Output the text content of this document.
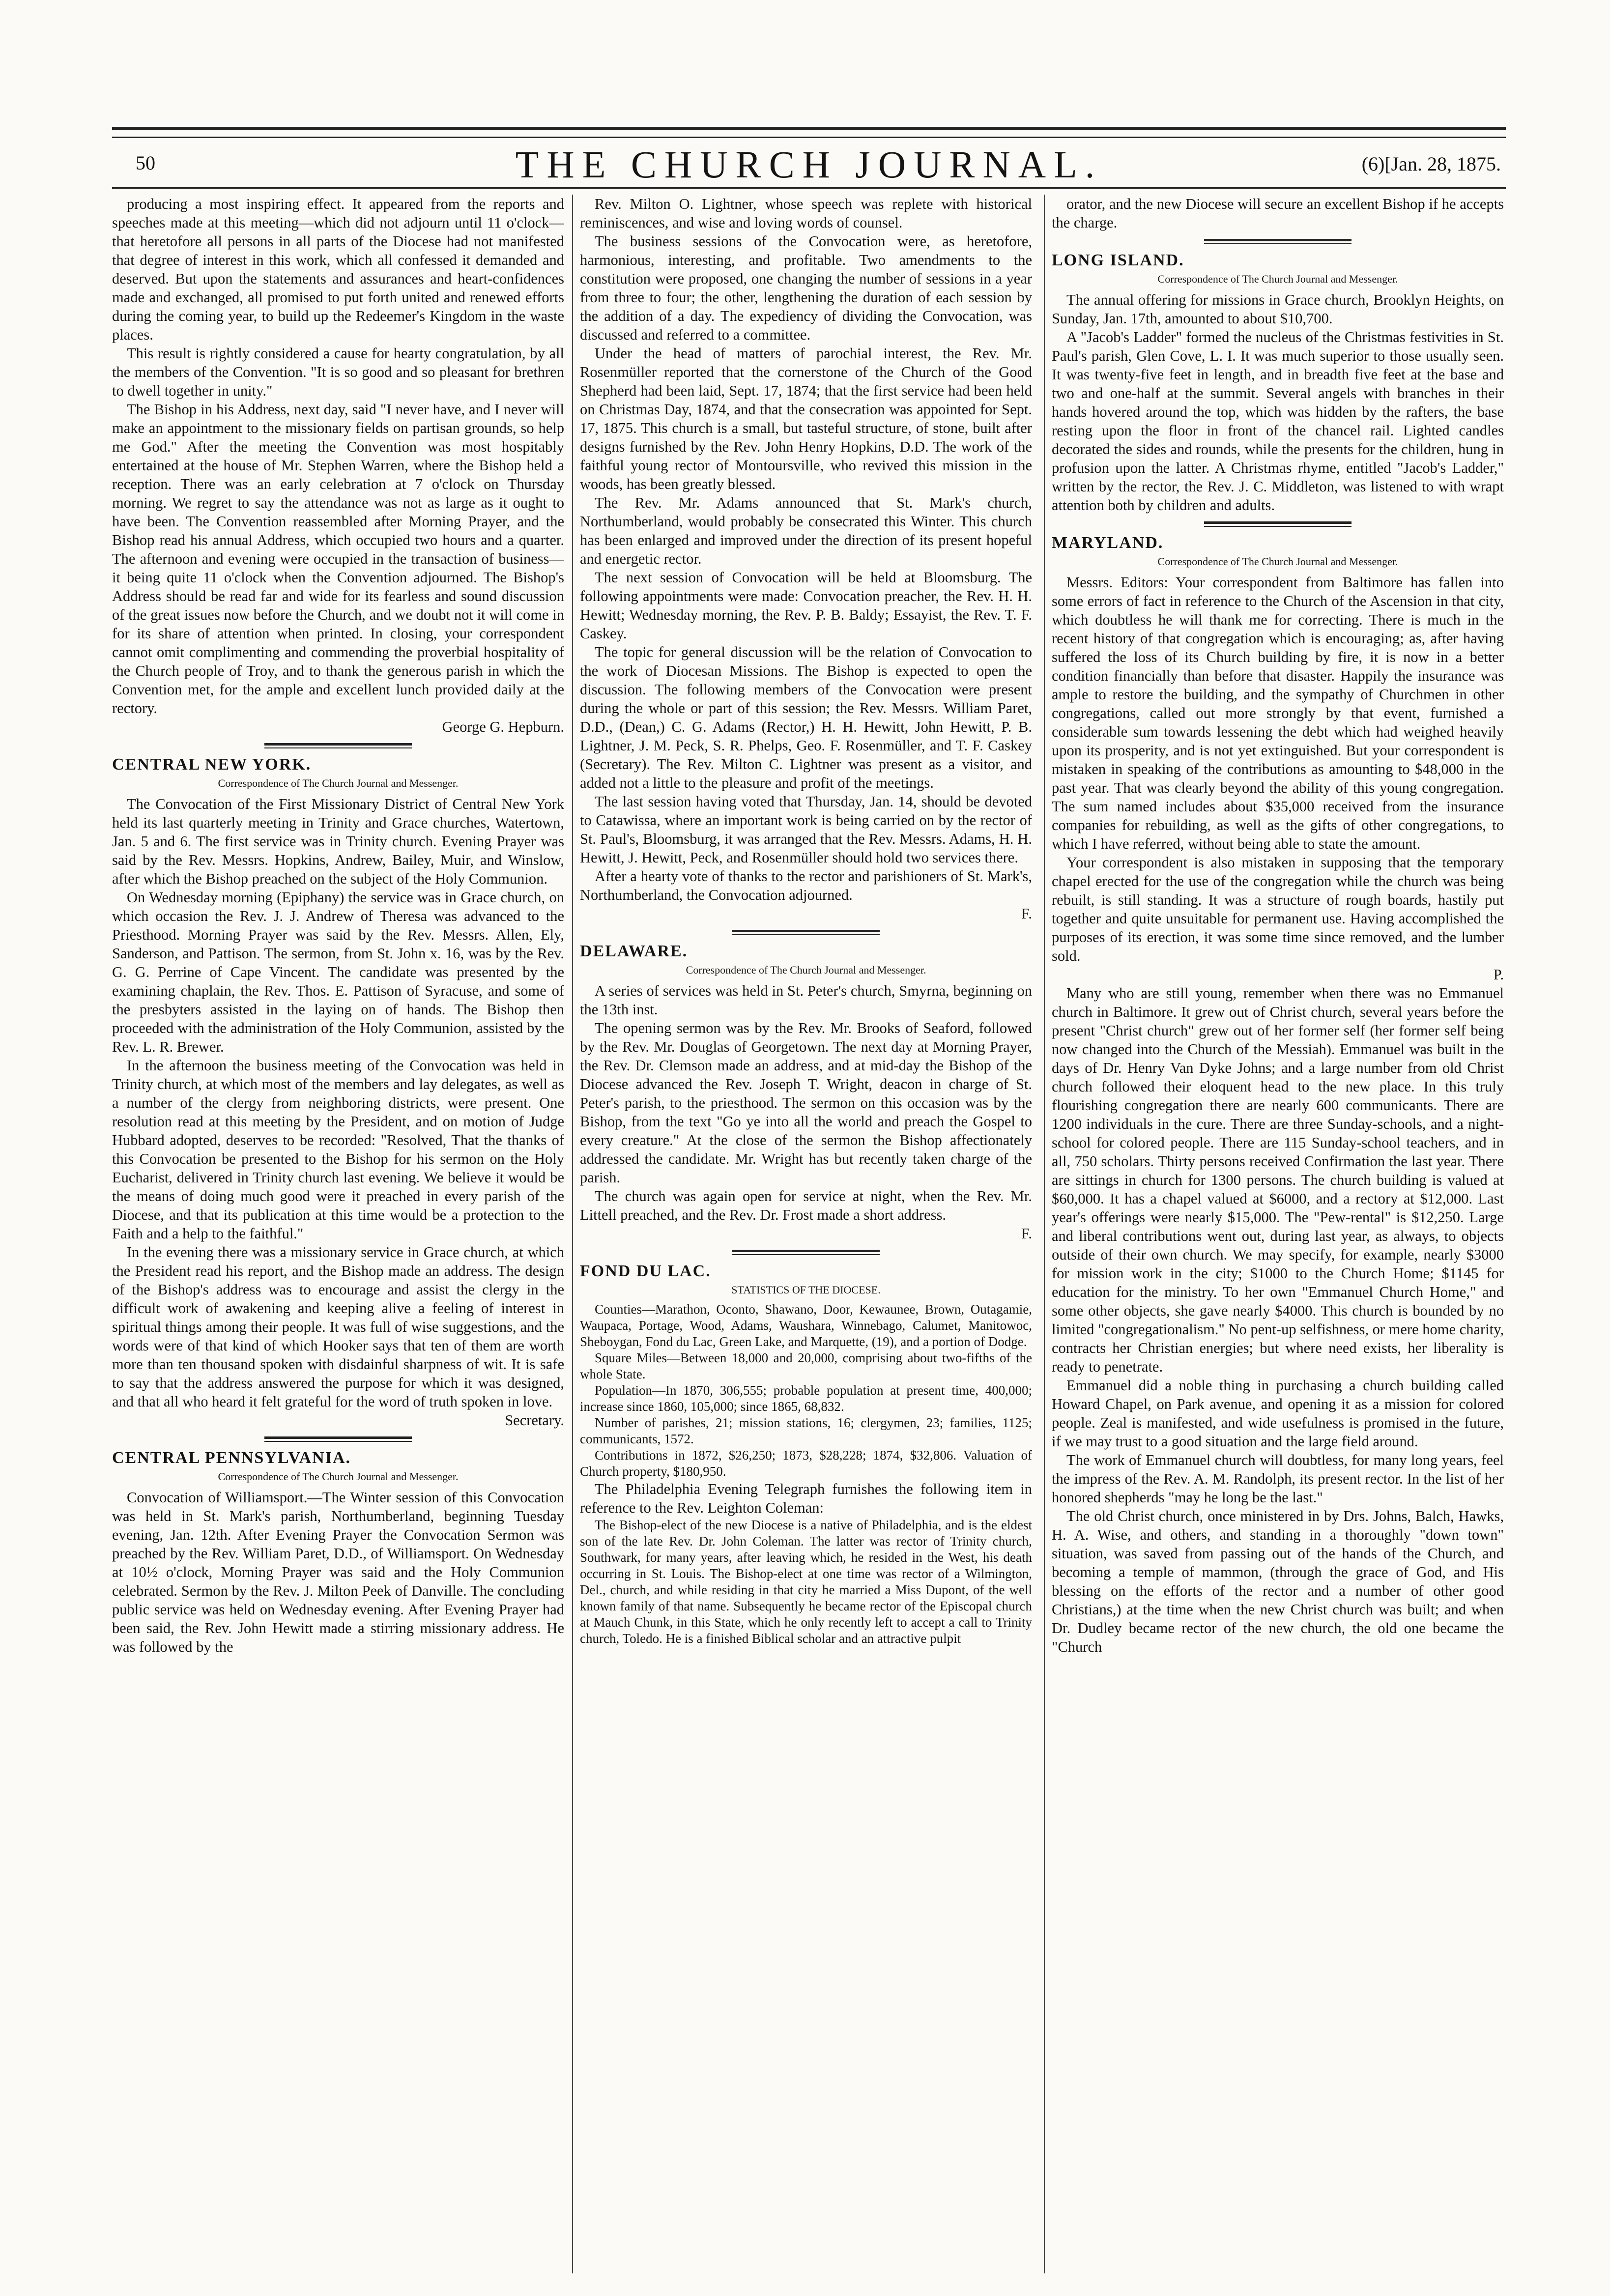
50	THE CHURCH JOURNAL.	(6)[Jan. 28, 1875.

producing a most inspiring effect. It appeared from the reports and speeches made at this meeting—which did not adjourn until 11 o'clock—that heretofore all persons in all parts of the Diocese had not manifested that degree of interest in this work, which all confessed it demanded and deserved. But upon the statements and assurances and heart-confidences made and exchanged, all promised to put forth united and renewed efforts during the coming year, to build up the Redeemer's Kingdom in the waste places.

This result is rightly considered a cause for hearty congratulation, by all the members of the Convention. "It is so good and so pleasant for brethren to dwell together in unity."

The Bishop in his Address, next day, said "I never have, and I never will make an appointment to the missionary fields on partisan grounds, so help me God." After the meeting the Convention was most hospitably entertained at the house of Mr. Stephen Warren, where the Bishop held a reception. There was an early celebration at 7 o'clock on Thursday morning. We regret to say the attendance was not as large as it ought to have been. The Convention reassembled after Morning Prayer, and the Bishop read his annual Address, which occupied two hours and a quarter. The afternoon and evening were occupied in the transaction of business—it being quite 11 o'clock when the Convention adjourned. The Bishop's Address should be read far and wide for its fearless and sound discussion of the great issues now before the Church, and we doubt not it will come in for its share of attention when printed. In closing, your correspondent cannot omit complimenting and commending the proverbial hospitality of the Church people of Troy, and to thank the generous parish in which the Convention met, for the ample and excellent lunch provided daily at the rectory.

George G. Hepburn.

CENTRAL NEW YORK.

Correspondence of The Church Journal and Messenger.

The Convocation of the First Missionary District of Central New York held its last quarterly meeting in Trinity and Grace churches, Watertown, Jan. 5 and 6. The first service was in Trinity church. Evening Prayer was said by the Rev. Messrs. Hopkins, Andrew, Bailey, Muir, and Winslow, after which the Bishop preached on the subject of the Holy Communion.

On Wednesday morning (Epiphany) the service was in Grace church, on which occasion the Rev. J. J. Andrew of Theresa was advanced to the Priesthood. Morning Prayer was said by the Rev. Messrs. Allen, Ely, Sanderson, and Pattison. The sermon, from St. John x. 16, was by the Rev. G. G. Perrine of Cape Vincent. The candidate was presented by the examining chaplain, the Rev. Thos. E. Pattison of Syracuse, and some of the presbyters assisted in the laying on of hands. The Bishop then proceeded with the administration of the Holy Communion, assisted by the Rev. L. R. Brewer.

In the afternoon the business meeting of the Convocation was held in Trinity church, at which most of the members and lay delegates, as well as a number of the clergy from neighboring districts, were present. One resolution read at this meeting by the President, and on motion of Judge Hubbard adopted, deserves to be recorded: "Resolved, That the thanks of this Convocation be presented to the Bishop for his sermon on the Holy Eucharist, delivered in Trinity church last evening. We believe it would be the means of doing much good were it preached in every parish of the Diocese, and that its publication at this time would be a protection to the Faith and a help to the faithful."

In the evening there was a missionary service in Grace church, at which the President read his report, and the Bishop made an address. The design of the Bishop's address was to encourage and assist the clergy in the difficult work of awakening and keeping alive a feeling of interest in spiritual things among their people. It was full of wise suggestions, and the words were of that kind of which Hooker says that ten of them are worth more than ten thousand spoken with disdainful sharpness of wit. It is safe to say that the address answered the purpose for which it was designed, and that all who heard it felt grateful for the word of truth spoken in love.

Secretary.

CENTRAL PENNSYLVANIA.

Correspondence of The Church Journal and Messenger.

Convocation of Williamsport.—The Winter session of this Convocation was held in St. Mark's parish, Northumberland, beginning Tuesday evening, Jan. 12th. After Evening Prayer the Convocation Sermon was preached by the Rev. William Paret, D.D., of Williamsport. On Wednesday at 10½ o'clock, Morning Prayer was said and the Holy Communion celebrated. Sermon by the Rev. J. Milton Peek of Danville. The concluding public service was held on Wednesday evening. After Evening Prayer had been said, the Rev. John Hewitt made a stirring missionary address. He was followed by the

Rev. Milton O. Lightner, whose speech was replete with historical reminiscences, and wise and loving words of counsel.

The business sessions of the Convocation were, as heretofore, harmonious, interesting, and profitable. Two amendments to the constitution were proposed, one changing the number of sessions in a year from three to four; the other, lengthening the duration of each session by the addition of a day. The expediency of dividing the Convocation, was discussed and referred to a committee.

Under the head of matters of parochial interest, the Rev. Mr. Rosenmüller reported that the cornerstone of the Church of the Good Shepherd had been laid, Sept. 17, 1874; that the first service had been held on Christmas Day, 1874, and that the consecration was appointed for Sept. 17, 1875. This church is a small, but tasteful structure, of stone, built after designs furnished by the Rev. John Henry Hopkins, D.D. The work of the faithful young rector of Montoursville, who revived this mission in the woods, has been greatly blessed.

The Rev. Mr. Adams announced that St. Mark's church, Northumberland, would probably be consecrated this Winter. This church has been enlarged and improved under the direction of its present hopeful and energetic rector.

The next session of Convocation will be held at Bloomsburg. The following appointments were made: Convocation preacher, the Rev. H. H. Hewitt; Wednesday morning, the Rev. P. B. Baldy; Essayist, the Rev. T. F. Caskey.

The topic for general discussion will be the relation of Convocation to the work of Diocesan Missions. The Bishop is expected to open the discussion. The following members of the Convocation were present during the whole or part of this session; the Rev. Messrs. William Paret, D.D., (Dean,) C. G. Adams (Rector,) H. H. Hewitt, John Hewitt, P. B. Lightner, J. M. Peck, S. R. Phelps, Geo. F. Rosenmüller, and T. F. Caskey (Secretary). The Rev. Milton C. Lightner was present as a visitor, and added not a little to the pleasure and profit of the meetings.

The last session having voted that Thursday, Jan. 14, should be devoted to Catawissa, where an important work is being carried on by the rector of St. Paul's, Bloomsburg, it was arranged that the Rev. Messrs. Adams, H. H. Hewitt, J. Hewitt, Peck, and Rosenmüller should hold two services there.

After a hearty vote of thanks to the rector and parishioners of St. Mark's, Northumberland, the Convocation adjourned.

F.

DELAWARE.

Correspondence of The Church Journal and Messenger.

A series of services was held in St. Peter's church, Smyrna, beginning on the 13th inst.

The opening sermon was by the Rev. Mr. Brooks of Seaford, followed by the Rev. Mr. Douglas of Georgetown. The next day at Morning Prayer, the Rev. Dr. Clemson made an address, and at mid-day the Bishop of the Diocese advanced the Rev. Joseph T. Wright, deacon in charge of St. Peter's parish, to the priesthood. The sermon on this occasion was by the Bishop, from the text "Go ye into all the world and preach the Gospel to every creature." At the close of the sermon the Bishop affectionately addressed the candidate. Mr. Wright has but recently taken charge of the parish.

The church was again open for service at night, when the Rev. Mr. Littell preached, and the Rev. Dr. Frost made a short address.

F.

FOND DU LAC.

STATISTICS OF THE DIOCESE.

Counties—Marathon, Oconto, Shawano, Door, Kewaunee, Brown, Outagamie, Waupaca, Portage, Wood, Adams, Waushara, Winnebago, Calumet, Manitowoc, Sheboygan, Fond du Lac, Green Lake, and Marquette, (19), and a portion of Dodge.

Square Miles—Between 18,000 and 20,000, comprising about two-fifths of the whole State.

Population—In 1870, 306,555; probable population at present time, 400,000; increase since 1860, 105,000; since 1865, 68,832.

Number of parishes, 21; mission stations, 16; clergymen, 23; families, 1125; communicants, 1572.

Contributions in 1872, $26,250; 1873, $28,228; 1874, $32,806. Valuation of Church property, $180,950.

The Philadelphia Evening Telegraph furnishes the following item in reference to the Rev. Leighton Coleman:

The Bishop-elect of the new Diocese is a native of Philadelphia, and is the eldest son of the late Rev. Dr. John Coleman. The latter was rector of Trinity church, Southwark, for many years, after leaving which, he resided in the West, his death occurring in St. Louis. The Bishop-elect at one time was rector of a Wilmington, Del., church, and while residing in that city he married a Miss Dupont, of the well known family of that name. Subsequently he became rector of the Episcopal church at Mauch Chunk, in this State, which he only recently left to accept a call to Trinity church, Toledo. He is a finished Biblical scholar and an attractive pulpit

orator, and the new Diocese will secure an excellent Bishop if he accepts the charge.

LONG ISLAND.

Correspondence of The Church Journal and Messenger.

The annual offering for missions in Grace church, Brooklyn Heights, on Sunday, Jan. 17th, amounted to about $10,700.

A "Jacob's Ladder" formed the nucleus of the Christmas festivities in St. Paul's parish, Glen Cove, L. I. It was much superior to those usually seen. It was twenty-five feet in length, and in breadth five feet at the base and two and one-half at the summit. Several angels with branches in their hands hovered around the top, which was hidden by the rafters, the base resting upon the floor in front of the chancel rail. Lighted candles decorated the sides and rounds, while the presents for the children, hung in profusion upon the latter. A Christmas rhyme, entitled "Jacob's Ladder," written by the rector, the Rev. J. C. Middleton, was listened to with wrapt attention both by children and adults.

MARYLAND.

Correspondence of The Church Journal and Messenger.

Messrs. Editors: Your correspondent from Baltimore has fallen into some errors of fact in reference to the Church of the Ascension in that city, which doubtless he will thank me for correcting. There is much in the recent history of that congregation which is encouraging; as, after having suffered the loss of its Church building by fire, it is now in a better condition financially than before that disaster. Happily the insurance was ample to restore the building, and the sympathy of Churchmen in other congregations, called out more strongly by that event, furnished a considerable sum towards lessening the debt which had weighed heavily upon its prosperity, and is not yet extinguished. But your correspondent is mistaken in speaking of the contributions as amounting to $48,000 in the past year. That was clearly beyond the ability of this young congregation. The sum named includes about $35,000 received from the insurance companies for rebuilding, as well as the gifts of other congregations, to which I have referred, without being able to state the amount.

Your correspondent is also mistaken in supposing that the temporary chapel erected for the use of the congregation while the church was being rebuilt, is still standing. It was a structure of rough boards, hastily put together and quite unsuitable for permanent use. Having accomplished the purposes of its erection, it was some time since removed, and the lumber sold.

P.

Many who are still young, remember when there was no Emmanuel church in Baltimore. It grew out of Christ church, several years before the present "Christ church" grew out of her former self (her former self being now changed into the Church of the Messiah). Emmanuel was built in the days of Dr. Henry Van Dyke Johns; and a large number from old Christ church followed their eloquent head to the new place. In this truly flourishing congregation there are nearly 600 communicants. There are 1200 individuals in the cure. There are three Sunday-schools, and a night-school for colored people. There are 115 Sunday-school teachers, and in all, 750 scholars. Thirty persons received Confirmation the last year. There are sittings in church for 1300 persons. The church building is valued at $60,000. It has a chapel valued at $6000, and a rectory at $12,000. Last year's offerings were nearly $15,000. The "Pew-rental" is $12,250. Large and liberal contributions went out, during last year, as always, to objects outside of their own church. We may specify, for example, nearly $3000 for mission work in the city; $1000 to the Church Home; $1145 for education for the ministry. To her own "Emmanuel Church Home," and some other objects, she gave nearly $4000. This church is bounded by no limited "congregationalism." No pent-up selfishness, or mere home charity, contracts her Christian energies; but where need exists, her liberality is ready to penetrate.

Emmanuel did a noble thing in purchasing a church building called Howard Chapel, on Park avenue, and opening it as a mission for colored people. Zeal is manifested, and wide usefulness is promised in the future, if we may trust to a good situation and the large field around.

The work of Emmanuel church will doubtless, for many long years, feel the impress of the Rev. A. M. Randolph, its present rector. In the list of her honored shepherds "may he long be the last."

The old Christ church, once ministered in by Drs. Johns, Balch, Hawks, H. A. Wise, and others, and standing in a thoroughly "down town" situation, was saved from passing out of the hands of the Church, and becoming a temple of mammon, (through the grace of God, and His blessing on the efforts of the rector and a number of other good Christians,) at the time when the new Christ church was built; and when Dr. Dudley became rector of the new church, the old one became the "Church
